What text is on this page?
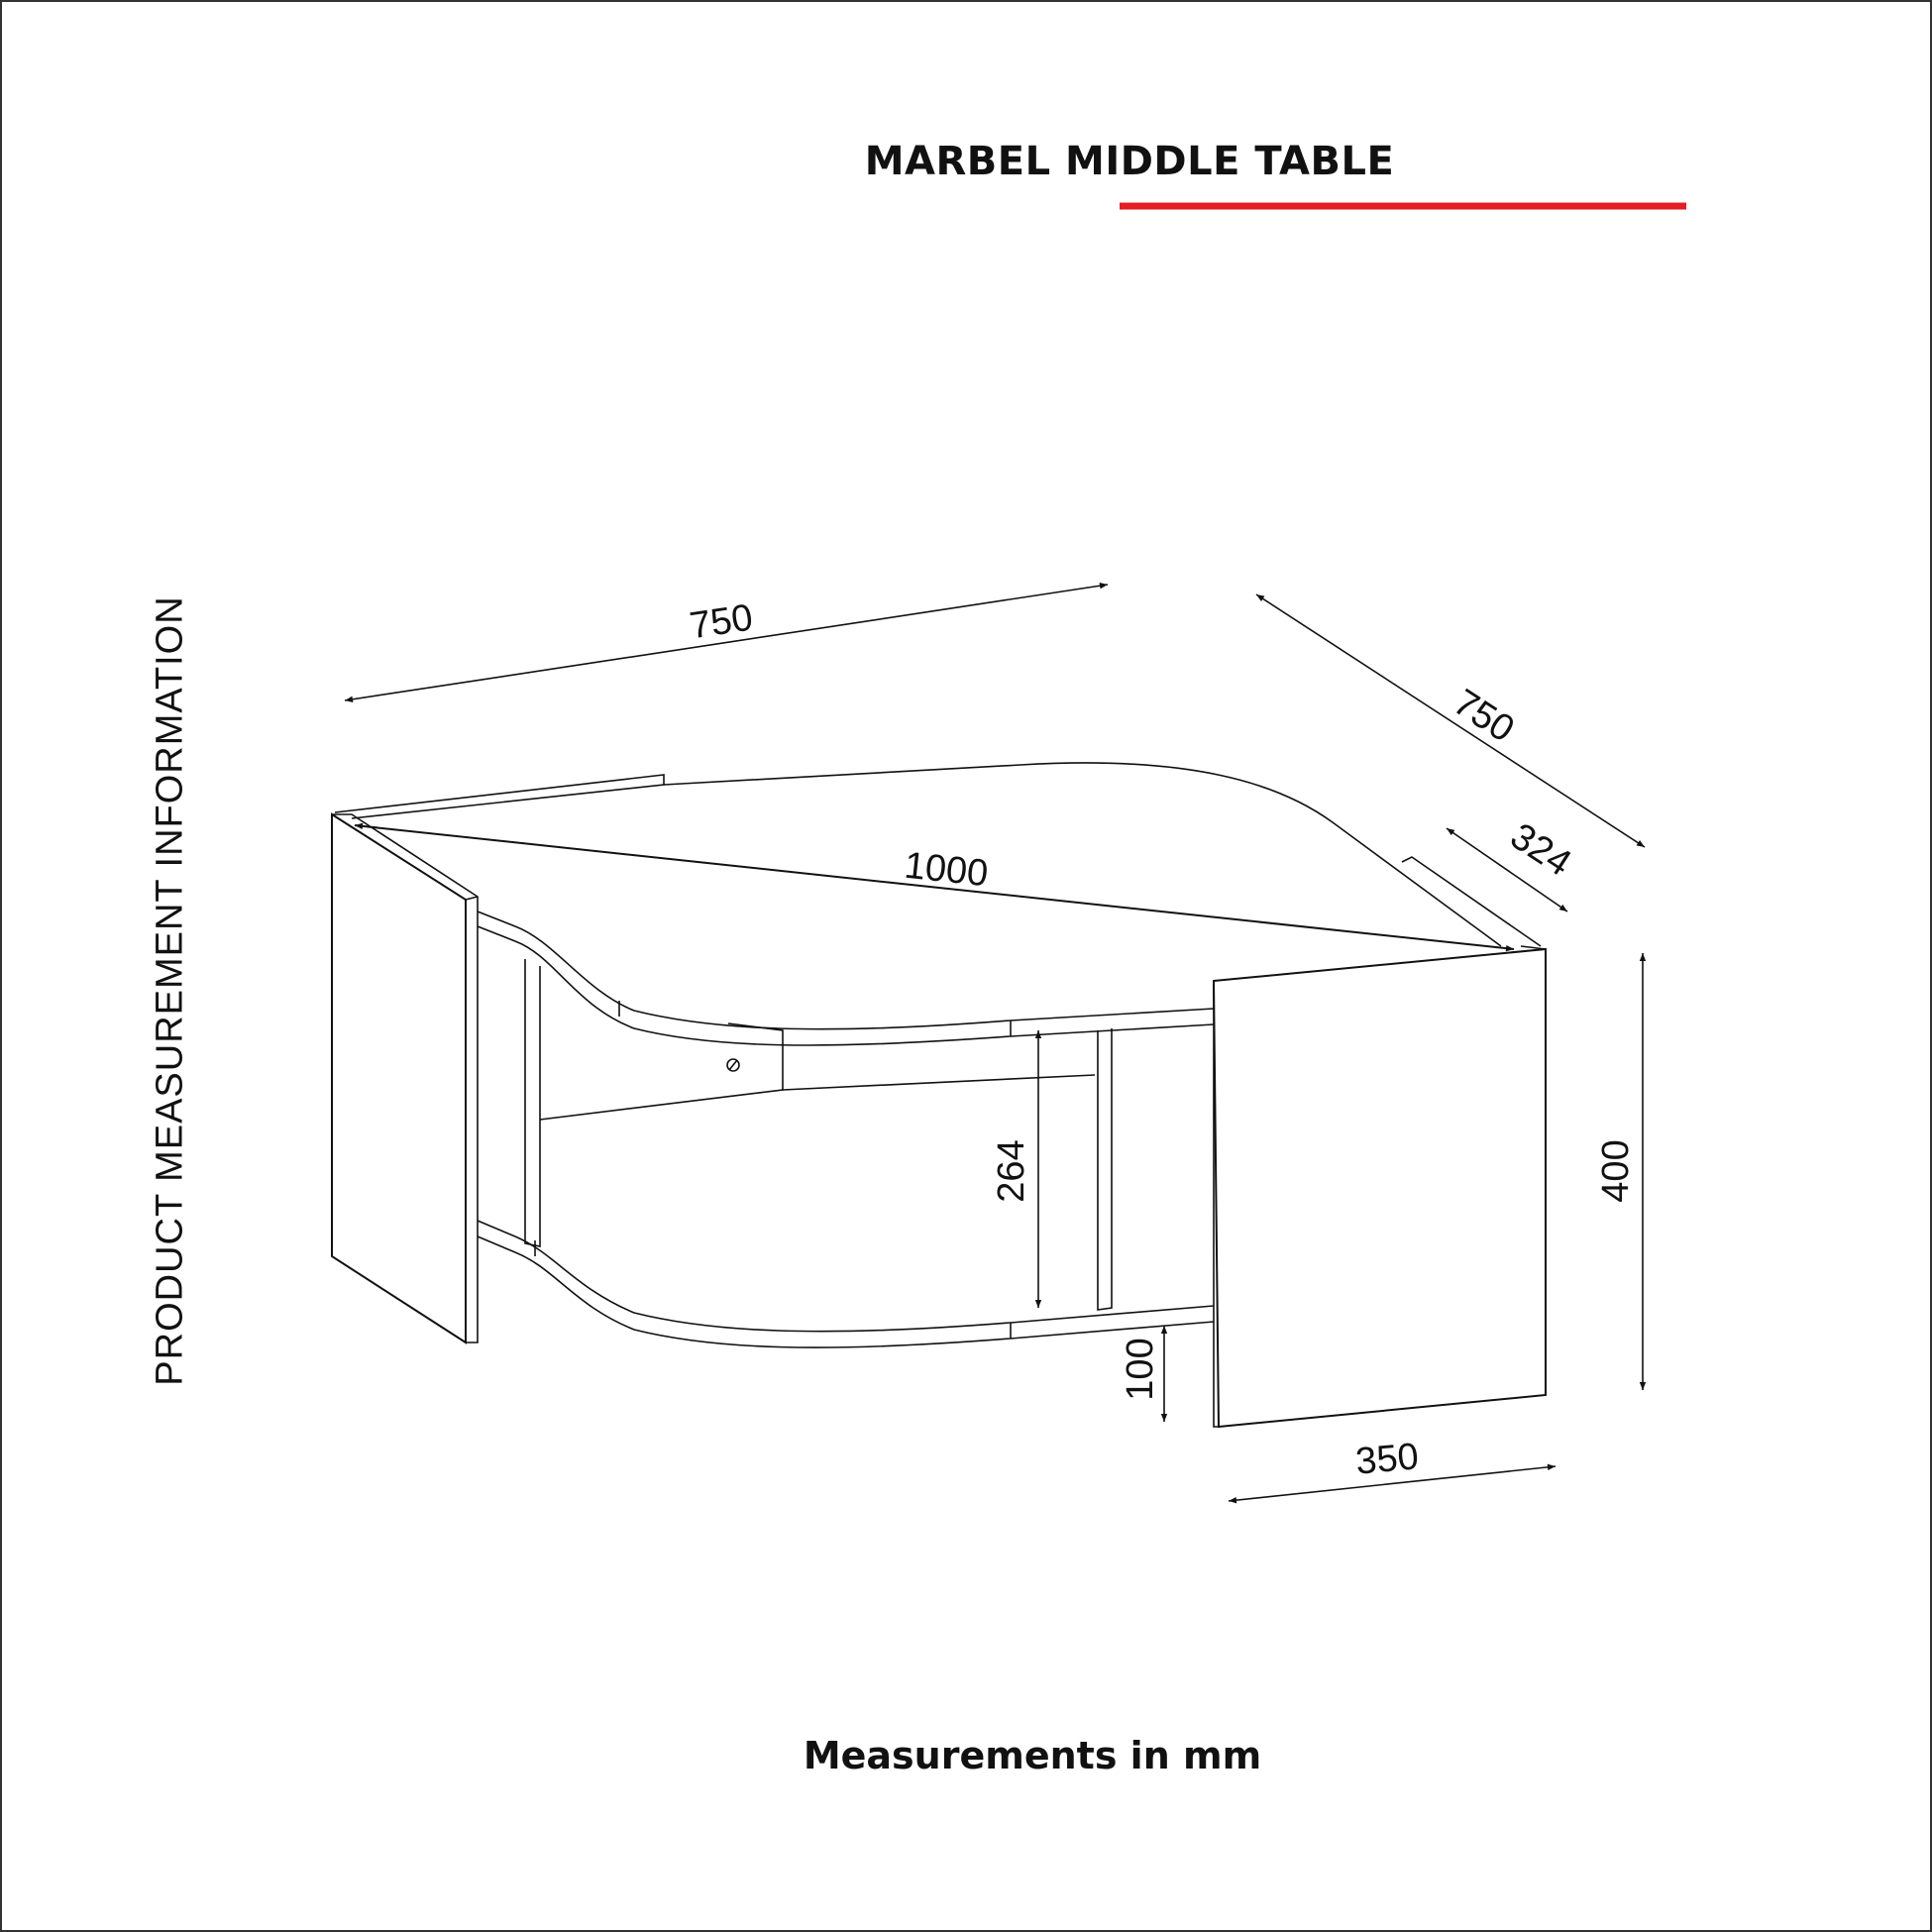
750
750
1000	324
264	400
100
350
MARBEL MIDDLE TABLE
PRODUCT MEASUREMENT INFORMATION
Measurements in mm
